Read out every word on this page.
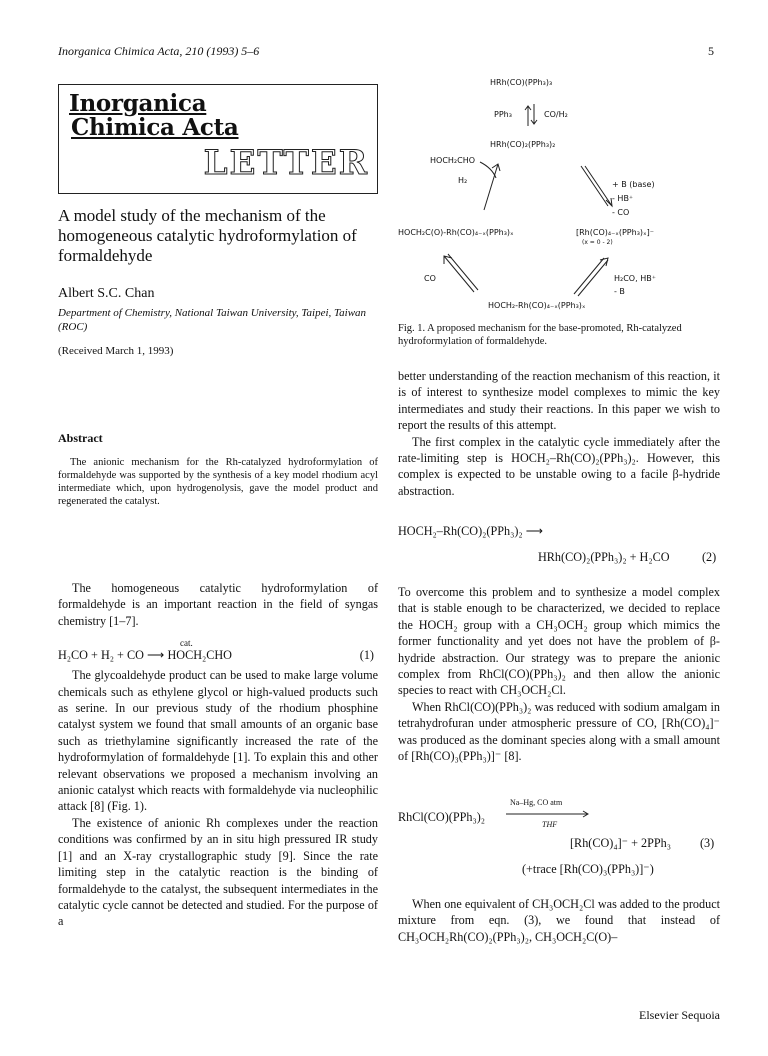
Inorganica Chimica Acta, 210 (1993) 5–6	5
Inorganica
Chimica Acta
LETTER
A model study of the mechanism of the homogeneous catalytic hydroformylation of formaldehyde
Albert S.C. Chan
Department of Chemistry, National Taiwan University, Taipei, Taiwan (ROC)
(Received March 1, 1993)
Abstract
The anionic mechanism for the Rh-catalyzed hydroformylation of formaldehyde was supported by the synthesis of a key model rhodium acyl intermediate which, upon hydrogenolysis, gave the model product and regenerated the catalyst.

The homogeneous catalytic hydroformylation of formaldehyde is an important reaction in the field of syngas chemistry [1–7].

H₂CO + H₂ + CO ⟶ HOCH₂CHO
cat.
(1)

The glycoaldehyde product can be used to make large volume chemicals such as ethylene glycol or high-valued products such as serine. In our previous study of the rhodium phosphine catalyst system we found that small amounts of an organic base such as triethylamine significantly increased the rate of the hydroformylation of formaldehyde [1]. To explain this and other relevant observations we proposed a mechanism involving an anionic catalyst which reacts with formaldehyde via nucleophilic attack [8] (Fig. 1).

The existence of anionic Rh complexes under the reaction conditions was confirmed by an in situ high pressured IR study [1] and an X-ray crystallographic study [9]. Since the rate limiting step in the catalytic reaction is the binding of formaldehyde to the catalyst, the subsequent intermediates in the catalytic cycle cannot be detected and studied. For the purpose of a

HRh(CO)(PPh₃)₃
PPh₃	CO/H₂
HRh(CO)₂(PPh₃)₂
HOCH₂CHO
H₂	+ B (base)
- HB⁺
- CO
HOCH₂C(O)-Rh(CO)₄₋ₓ(PPh₃)ₓ	[Rh(CO)₄₋ₓ(PPh₃)ₓ]⁻
(x = 0 - 2)
CO	H₂CO, HB⁺
- B
HOCH₂-Rh(CO)₄₋ₓ(PPh₃)ₓ
Fig. 1. A proposed mechanism for the base-promoted, Rh-catalyzed hydroformylation of formaldehyde.

better understanding of the reaction mechanism of this reaction, it is of interest to synthesize model complexes to mimic the key intermediates and study their reactions. In this paper we wish to report the results of this attempt.

The first complex in the catalytic cycle immediately after the rate-limiting step is HOCH₂–Rh(CO)₂(PPh₃)₂. However, this complex is expected to be unstable owing to a facile β-hydride abstraction.

HOCH₂–Rh(CO)₂(PPh₃)₂ ⟶
HRh(CO)₂(PPh₃)₂ + H₂CO	(2)

To overcome this problem and to synthesize a model complex that is stable enough to be characterized, we decided to replace the HOCH₂ group with a CH₃OCH₂ group which mimics the former functionality and yet does not have the problem of β-hydride abstraction. Our strategy was to prepare the anionic complex from RhCl(CO)(PPh₃)₂ and then allow the anionic species to react with CH₃OCH₂Cl.

When RhCl(CO)(PPh₃)₂ was reduced with sodium amalgam in tetrahydrofuran under atmospheric pressure of CO, [Rh(CO)₄]⁻ was produced as the dominant species along with a small amount of [Rh(CO)₃(PPh₃)]⁻ [8].

RhCl(CO)(PPh₃)₂
Na–Hg, CO atm
THF
[Rh(CO)₄]⁻ + 2PPh₃ (3)
(+trace [Rh(CO)₃(PPh₃)]⁻)

When one equivalent of CH₃OCH₂Cl was added to the product mixture from eqn. (3), we found that instead of CH₃OCH₂Rh(CO)₂(PPh₃)₂, CH₃OCH₂C(O)–

Elsevier Sequoia
